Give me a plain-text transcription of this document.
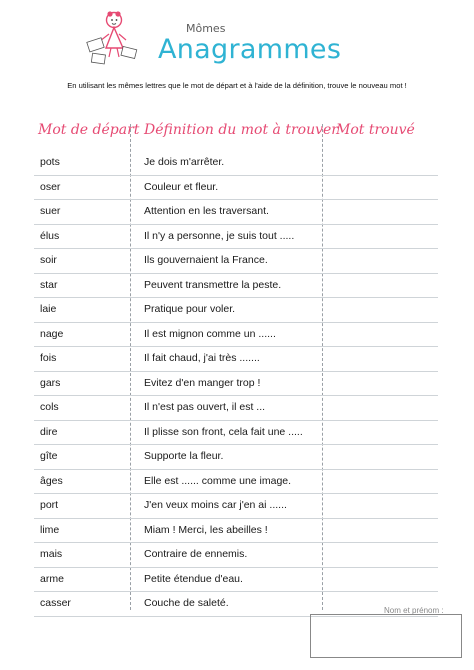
Mômes
Anagrammes
En utilisant les mêmes lettres que le mot de départ et à l'aide de la définition, trouve le nouveau mot !
Mot de départ Définition du mot à trouver
Mot trouvé
pots	Je dois m'arrêter.
oser	Couleur et fleur.
suer	Attention en les traversant.
élus	Il n'y a personne, je suis tout .....
soir	Ils gouvernaient la France.
star	Peuvent transmettre la peste.
laie	Pratique pour voler.
nage	Il est mignon comme un ......
fois	Il fait chaud, j'ai très .......
gars	Evitez d'en manger trop !
cols	Il n'est pas ouvert, il est ...
dire	Il plisse son front, cela fait une .....
gîte	Supporte la fleur.
âges	Elle est ...... comme une image.
port	J'en veux moins car j'en ai ......
lime	Miam ! Merci, les abeilles !
mais	Contraire de ennemis.
arme	Petite étendue d'eau.
casser	Couche de saleté.
Nom et prénom :
